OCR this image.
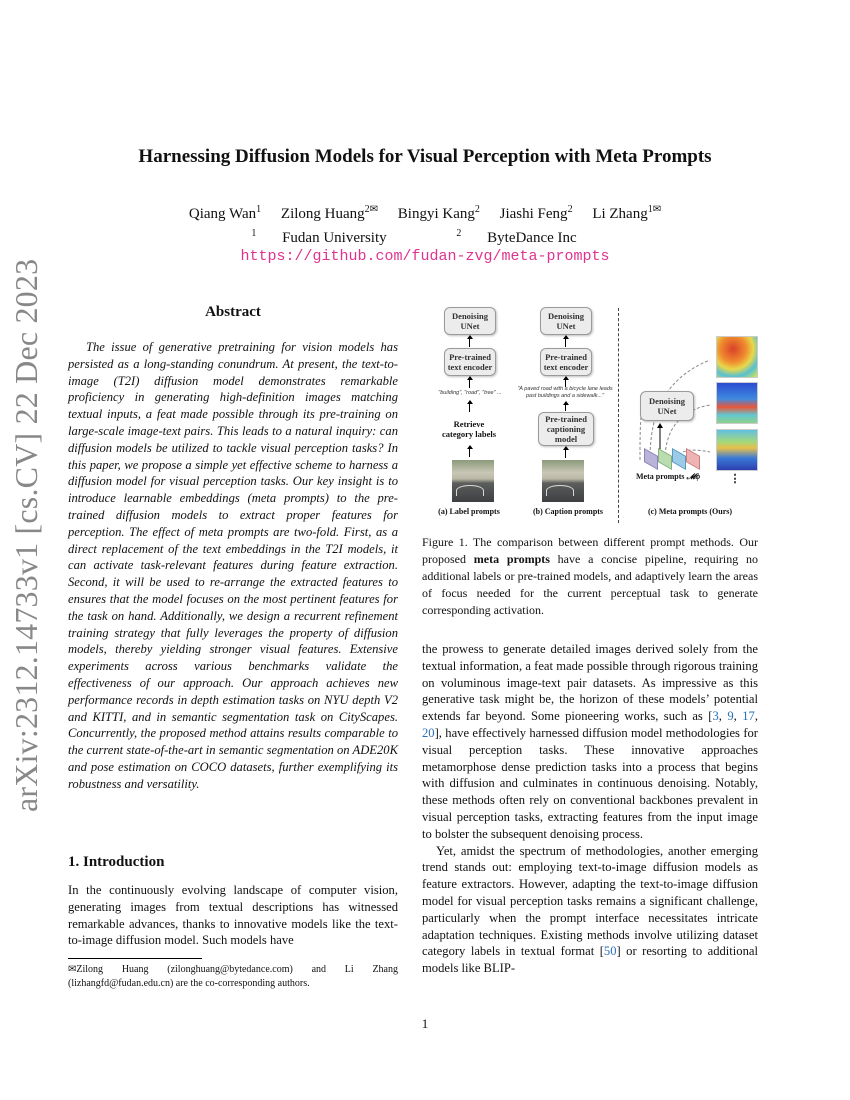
Harnessing Diffusion Models for Visual Perception with Meta Prompts
Qiang Wan$^1$ Zilong Huang$^{2✉}$ Bingyi Kang$^2$ Jiashi Feng$^2$ Li Zhang$^{1✉}$
$^1$ Fudan University	$^2$ ByteDance Inc
https://github.com/fudan-zvg/meta-prompts
arXiv:2312.14733v1 [cs.CV] 22 Dec 2023	Abstract

The issue of generative pretraining for vision models has persisted as a long-standing conundrum. At present, the text-to-image (T2I) diffusion model demonstrates remarkable proficiency in generating high-definition images matching textual inputs, a feat made possible through its pre-training on large-scale image-text pairs. This leads to a natural inquiry: can diffusion models be utilized to tackle visual perception tasks? In this paper, we propose a simple yet effective scheme to harness a diffusion model for visual perception tasks. Our key insight is to introduce learnable embeddings (meta prompts) to the pre-trained diffusion models to extract proper features for perception. The effect of meta prompts are two-fold. First, as a direct replacement of the text embeddings in the T2I models, it can activate task-relevant features during feature extraction. Second, it will be used to re-arrange the extracted features to ensures that the model focuses on the most pertinent features for the task on hand. Additionally, we design a recurrent refinement training strategy that fully leverages the property of diffusion models, thereby yielding stronger visual features. Extensive experiments across various benchmarks validate the effectiveness of our approach. Our approach achieves new performance records in depth estimation tasks on NYU depth V2 and KITTI, and in semantic segmentation task on CityScapes. Concurrently, the proposed method attains results comparable to the current state-of-the-art in semantic segmentation on ADE20K and pose estimation on COCO datasets, further exemplifying its robustness and versatility.

1. Introduction

In the continuously evolving landscape of computer vision, generating images from textual descriptions has witnessed remarkable advances, thanks to innovative models like the text-to-image diffusion model. Such models have

✉Zilong Huang (zilonghuang@bytedance.com) and Li Zhang (lizhangfd@fudan.edu.cn) are the co-corresponding authors.
Denoising UNet
Pre-trained text encoder
"building", "road", "tree" ...
Retrieve category labels
(a) Label prompts
Denoising UNet
Pre-trained text encoder
"A paved road with a bicycle lane leads past buildings and a sidewalk..."
Pre-trained captioning model
(b) Caption prompts
Denoising UNet
Meta prompts 𝓜ϕ	⋮
(c) Meta prompts (Ours)
Figure 1. The comparison between different prompt methods. Our proposed meta prompts have a concise pipeline, requiring no additional labels or pre-trained models, and adaptively learn the areas of focus needed for the current perceptual task to generate corresponding activation.

the prowess to generate detailed images derived solely from the textual information, a feat made possible through rigorous training on voluminous image-text pair datasets. As impressive as this generative task might be, the horizon of these models’ potential extends far beyond. Some pioneering works, such as [3, 9, 17, 20], have effectively harnessed diffusion model methodologies for visual perception tasks. These innovative approaches metamorphose dense prediction tasks into a process that begins with diffusion and culminates in continuous denoising. Notably, these methods often rely on conventional backbones prevalent in visual perception tasks, extracting features from the input image to bolster the subsequent denoising process.

Yet, amidst the spectrum of methodologies, another emerging trend stands out: employing text-to-image diffusion models as feature extractors. However, adapting the text-to-image diffusion model for visual perception tasks remains a significant challenge, particularly when the prompt interface necessitates intricate adaptation techniques. Existing methods involve utilizing dataset category labels in textual format [50] or resorting to additional models like BLIP-

1
